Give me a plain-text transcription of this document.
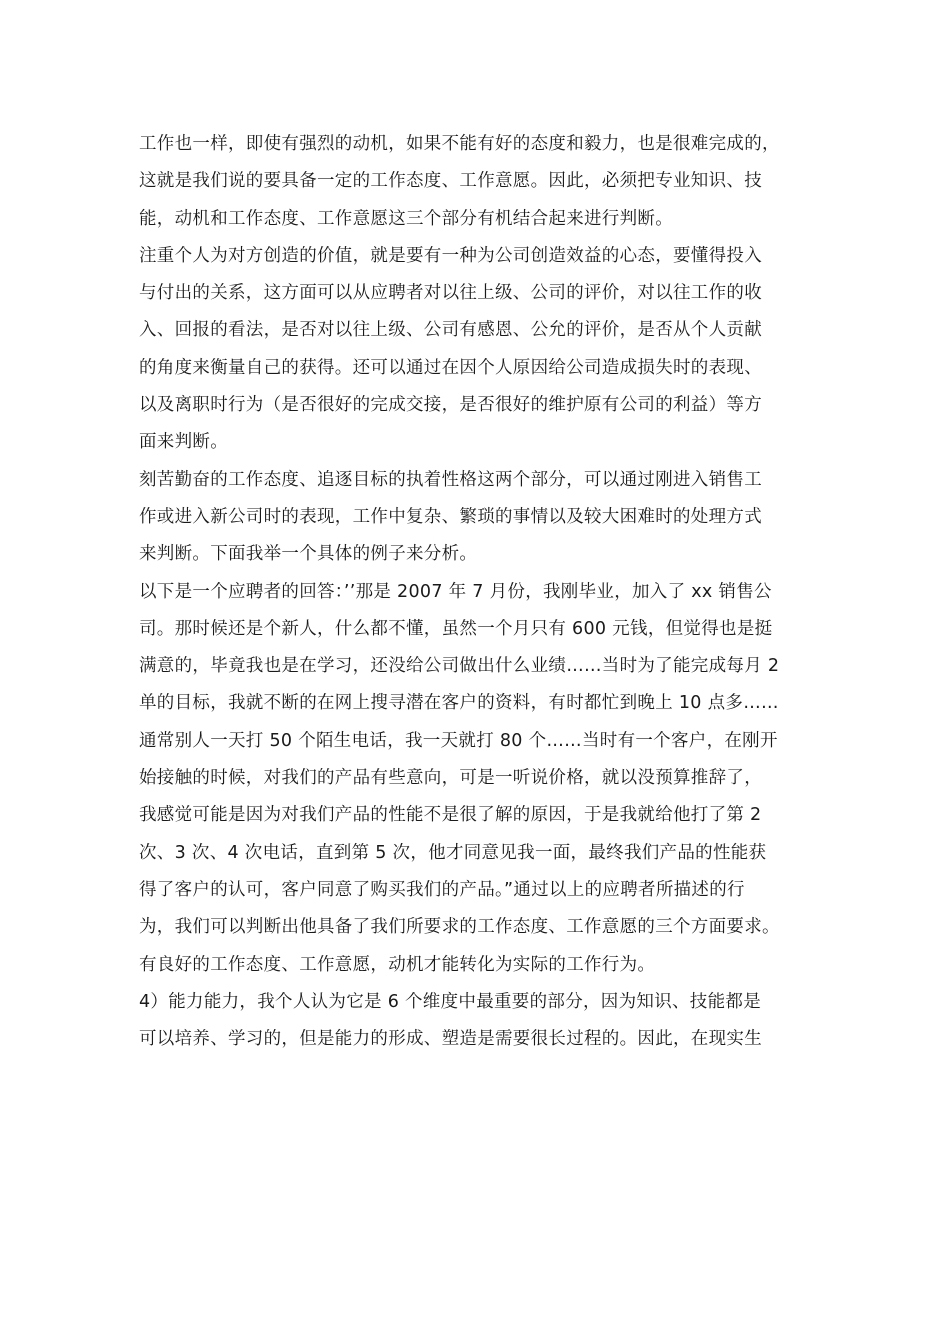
工作也一样，即使有强烈的动机，如果不能有好的态度和毅力，也是很难完成的，
这就是我们说的要具备一定的工作态度、工作意愿。因此，必须把专业知识、技
能，动机和工作态度、工作意愿这三个部分有机结合起来进行判断。

注重个人为对方创造的价值，就是要有一种为公司创造效益的心态，要懂得投入
与付出的关系，这方面可以从应聘者对以往上级、公司的评价，对以往工作的收
入、回报的看法，是否对以往上级、公司有感恩、公允的评价，是否从个人贡献
的角度来衡量自己的获得。还可以通过在因个人原因给公司造成损失时的表现、
以及离职时行为（是否很好的完成交接，是否很好的维护原有公司的利益）等方
面来判断。

刻苦勤奋的工作态度、追逐目标的执着性格这两个部分，可以通过刚进入销售工
作或进入新公司时的表现，工作中复杂、繁琐的事情以及较大困难时的处理方式
来判断。下面我举一个具体的例子来分析。

以下是一个应聘者的回答：’’那是 2007 年 7 月份，我刚毕业，加入了 xx 销售公
司。那时候还是个新人，什么都不懂，虽然一个月只有 600 元钱，但觉得也是挺
满意的，毕竟我也是在学习，还没给公司做出什么业绩……当时为了能完成每月 2
单的目标，我就不断的在网上搜寻潜在客户的资料，有时都忙到晚上 10 点多……
通常别人一天打 50 个陌生电话，我一天就打 80 个……当时有一个客户，在刚开
始接触的时候，对我们的产品有些意向，可是一听说价格，就以没预算推辞了，
我感觉可能是因为对我们产品的性能不是很了解的原因，于是我就给他打了第 2
次、3 次、4 次电话，直到第 5 次，他才同意见我一面，最终我们产品的性能获
得了客户的认可，客户同意了购买我们的产品。”通过以上的应聘者所描述的行
为，我们可以判断出他具备了我们所要求的工作态度、工作意愿的三个方面要求。
有良好的工作态度、工作意愿，动机才能转化为实际的工作行为。

4）能力能力，我个人认为它是 6 个维度中最重要的部分，因为知识、技能都是
可以培养、学习的，但是能力的形成、塑造是需要很长过程的。因此，在现实生
